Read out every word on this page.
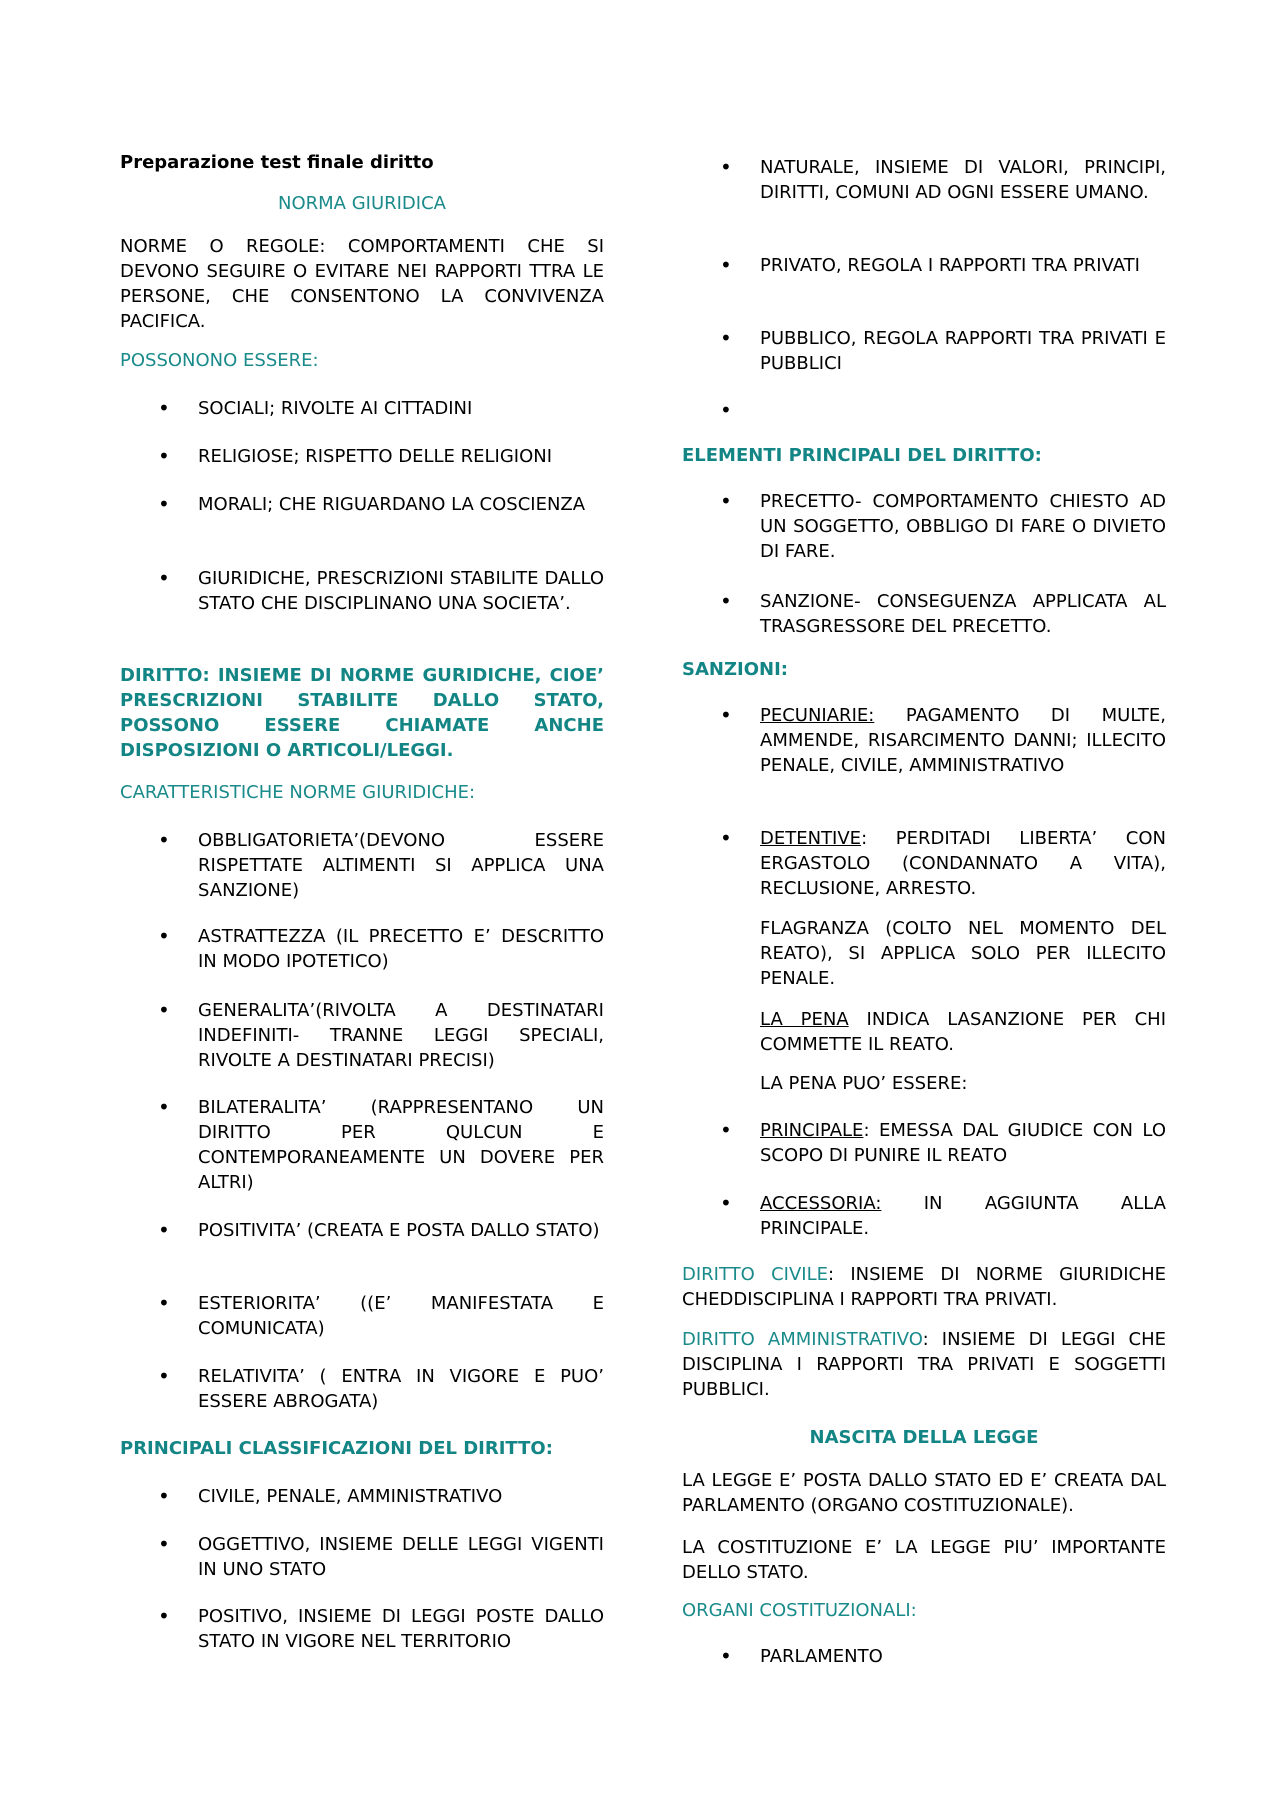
Preparazione test finale diritto

NORMA GIURIDICA

NORME O REGOLE: COMPORTAMENTI CHE SI DEVONO SEGUIRE O EVITARE NEI RAPPORTI TTRA LE PERSONE, CHE CONSENTONO LA CONVIVENZA PACIFICA.

POSSONONO ESSERE:

•	SOCIALI; RIVOLTE AI CITTADINI

•	RELIGIOSE; RISPETTO DELLE RELIGIONI

•	MORALI; CHE RIGUARDANO LA COSCIENZA

•	GIURIDICHE, PRESCRIZIONI STABILITE DALLO STATO CHE DISCIPLINANO UNA SOCIETA’.

DIRITTO: INSIEME DI NORME GURIDICHE, CIOE’ PRESCRIZIONI STABILITE DALLO STATO, POSSONO ESSERE CHIAMATE ANCHE DISPOSIZIONI O ARTICOLI/LEGGI.

CARATTERISTICHE NORME GIURIDICHE:

•	OBBLIGATORIETA’(DEVONO ESSERE RISPETTATE ALTIMENTI SI APPLICA UNA SANZIONE)

•	ASTRATTEZZA (IL PRECETTO E’ DESCRITTO IN MODO IPOTETICO)

•	GENERALITA’(RIVOLTA A DESTINATARI INDEFINITI- TRANNE LEGGI SPECIALI, RIVOLTE A DESTINATARI PRECISI)

•	BILATERALITA’ (RAPPRESENTANO UN DIRITTO PER QULCUN E CONTEMPORANEAMENTE UN DOVERE PER ALTRI)

•	POSITIVITA’ (CREATA E POSTA DALLO STATO)

•	ESTERIORITA’ ((E’ MANIFESTATA E COMUNICATA)

•	RELATIVITA’ ( ENTRA IN VIGORE E PUO’ ESSERE ABROGATA)

PRINCIPALI CLASSIFICAZIONI DEL DIRITTO:

•	CIVILE, PENALE, AMMINISTRATIVO

•	OGGETTIVO, INSIEME DELLE LEGGI VIGENTI IN UNO STATO

•	POSITIVO, INSIEME DI LEGGI POSTE DALLO STATO IN VIGORE NEL TERRITORIO

•	NATURALE, INSIEME DI VALORI, PRINCIPI, DIRITTI, COMUNI AD OGNI ESSERE UMANO.

•	PRIVATO, REGOLA I RAPPORTI TRA PRIVATI

•	PUBBLICO, REGOLA RAPPORTI TRA PRIVATI E PUBBLICI

•

ELEMENTI PRINCIPALI DEL DIRITTO:

•	PRECETTO- COMPORTAMENTO CHIESTO AD UN SOGGETTO, OBBLIGO DI FARE O DIVIETO DI FARE.

•	SANZIONE- CONSEGUENZA APPLICATA AL TRASGRESSORE DEL PRECETTO.

SANZIONI:

•	PECUNIARIE: PAGAMENTO DI MULTE, AMMENDE, RISARCIMENTO DANNI; ILLECITO PENALE, CIVILE, AMMINISTRATIVO

•	DETENTIVE: PERDITADI LIBERTA’ CON ERGASTOLO (CONDANNATO A VITA), RECLUSIONE, ARRESTO.

FLAGRANZA (COLTO NEL MOMENTO DEL REATO), SI APPLICA SOLO PER ILLECITO PENALE.

LA PENA INDICA LASANZIONE PER CHI COMMETTE IL REATO.

LA PENA PUO’ ESSERE:

•	PRINCIPALE: EMESSA DAL GIUDICE CON LO SCOPO DI PUNIRE IL REATO

•	ACCESSORIA: IN AGGIUNTA ALLA PRINCIPALE.

DIRITTO CIVILE: INSIEME DI NORME GIURIDICHE CHEDDISCIPLINA I RAPPORTI TRA PRIVATI.

DIRITTO AMMINISTRATIVO: INSIEME DI LEGGI CHE DISCIPLINA I RAPPORTI TRA PRIVATI E SOGGETTI PUBBLICI.

NASCITA DELLA LEGGE

LA LEGGE E’ POSTA DALLO STATO ED E’ CREATA DAL PARLAMENTO (ORGANO COSTITUZIONALE).

LA COSTITUZIONE E’ LA LEGGE PIU’ IMPORTANTE DELLO STATO.

ORGANI COSTITUZIONALI:

•	PARLAMENTO
